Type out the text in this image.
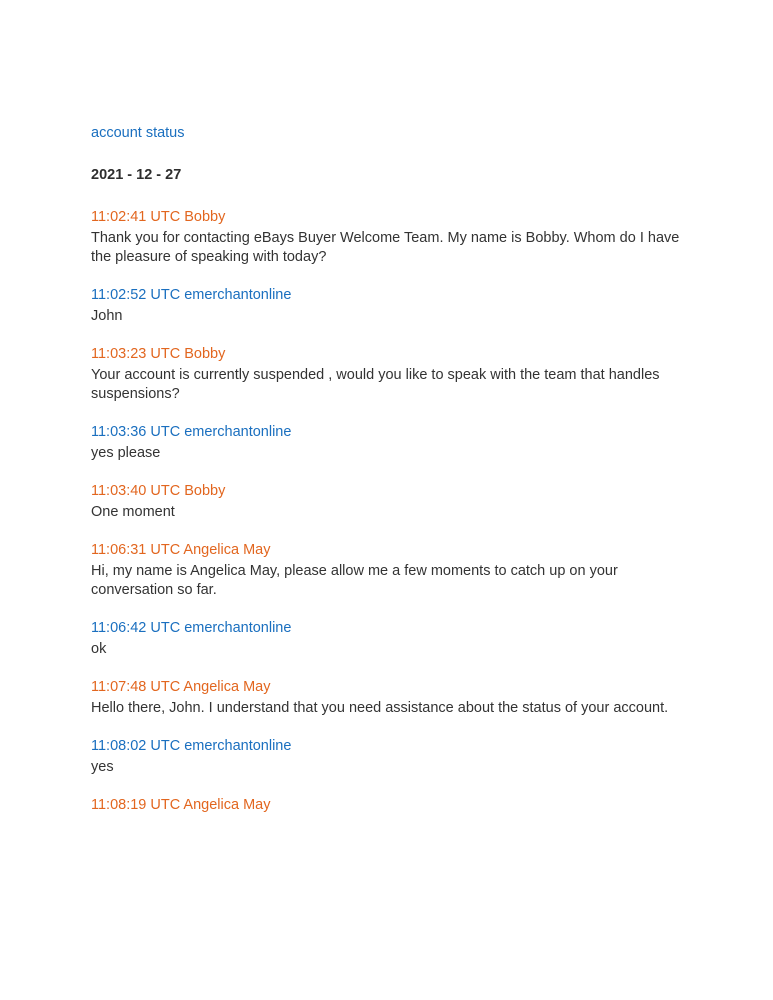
account status
2021 - 12 - 27
11:02:41 UTC Bobby
Thank you for contacting eBays Buyer Welcome Team. My name is Bobby. Whom do I have the pleasure of speaking with today?
11:02:52 UTC emerchantonline
John
11:03:23 UTC Bobby
Your account is currently suspended , would you like to speak with the team that handles suspensions?
11:03:36 UTC emerchantonline
yes please
11:03:40 UTC Bobby
One moment
11:06:31 UTC Angelica May
Hi, my name is Angelica May, please allow me a few moments to catch up on your conversation so far.
11:06:42 UTC emerchantonline
ok
11:07:48 UTC Angelica May
Hello there, John. I understand that you need assistance about the status of your account.
11:08:02 UTC emerchantonline
yes
11:08:19 UTC Angelica May
